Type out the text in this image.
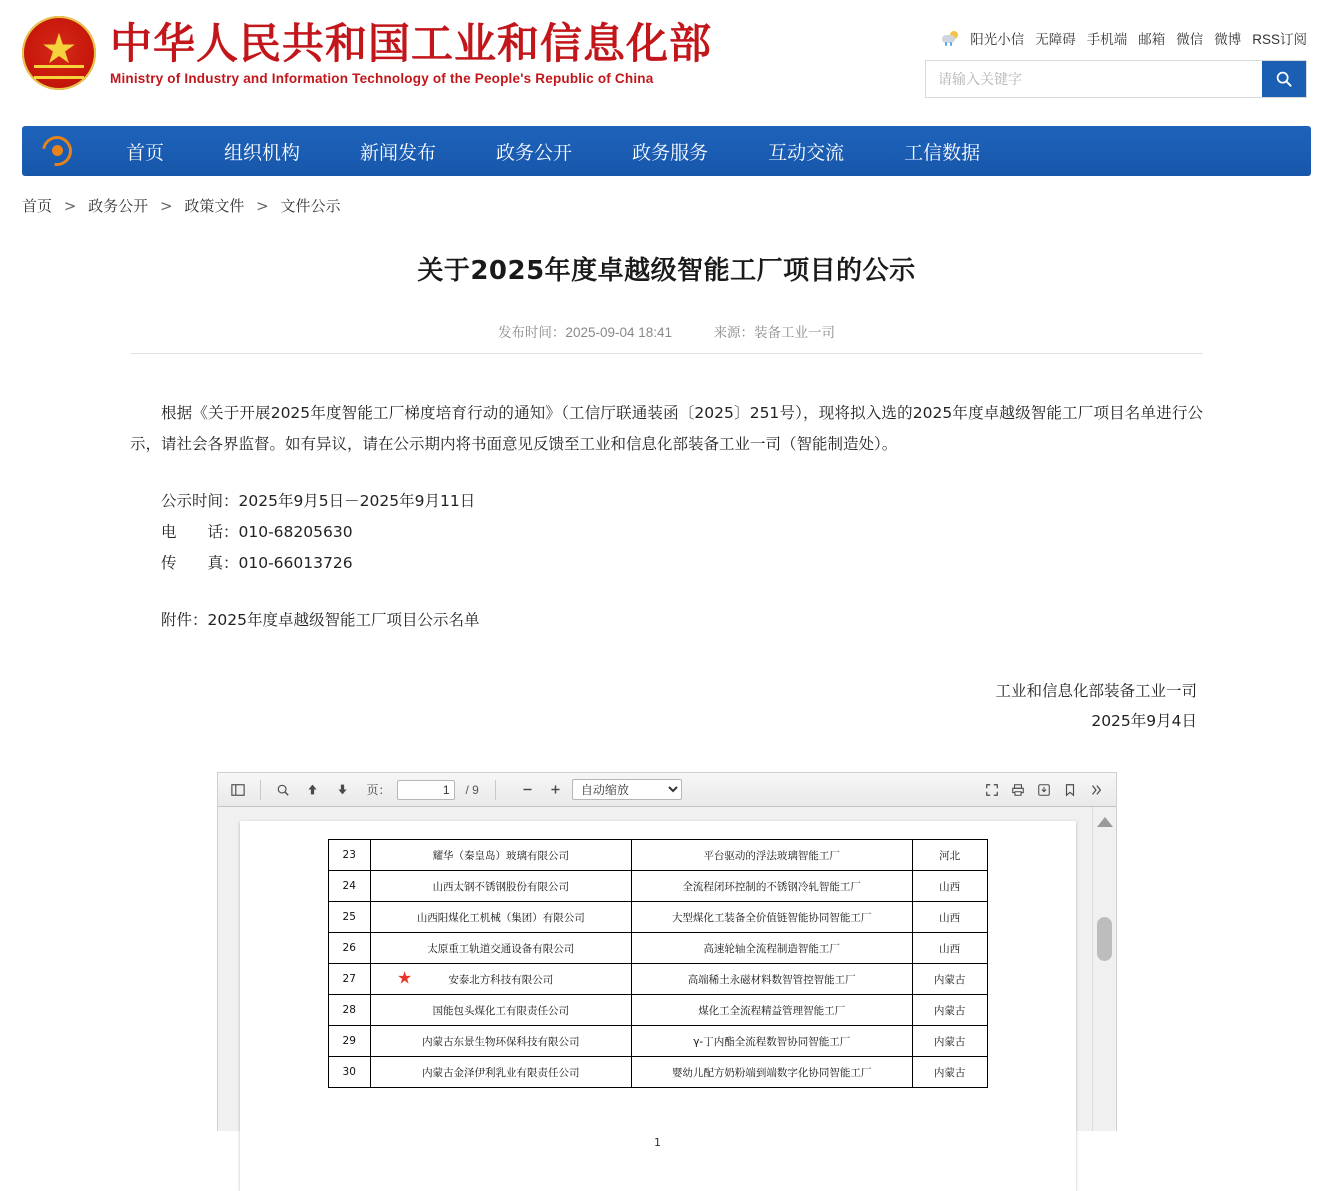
★
中华人民共和国工业和信息化部
Ministry of Industry and Information Technology of the People's Republic of China
阳光小信 无障碍 手机端 邮箱 微信 微博 RSS订阅
请输入关键字
首页	组织机构	新闻发布	政务公开	政务服务	互动交流	工信数据
首页 > 政务公开 > 政策文件 > 文件公示
关于2025年度卓越级智能工厂项目的公示
发布时间：2025-09-04 18:41	来源：装备工业一司
根据《关于开展2025年度智能工厂梯度培育行动的通知》（工信厅联通装函〔2025〕251号），现将拟入选的2025年度卓越级智能工厂项目名单进行公示，请社会各界监督。如有异议，请在公示期内将书面意见反馈至工业和信息化部装备工业一司（智能制造处）。
公示时间：2025年9月5日－2025年9月11日
电　　话：010-68205630
传　　真：010-66013726
附件：2025年度卓越级智能工厂项目公示名单
工业和信息化部装备工业一司
2025年9月4日
页：
1	/ 9
自动缩放
23	耀华（秦皇岛）玻璃有限公司	平台驱动的浮法玻璃智能工厂	河北
24	山西太钢不锈钢股份有限公司	全流程闭环控制的不锈钢冷轧智能工厂	山西
25	山西阳煤化工机械（集团）有限公司	大型煤化工装备全价值链智能协同智能工厂	山西
26	太原重工轨道交通设备有限公司	高速轮轴全流程制造智能工厂	山西
27	★ 安泰北方科技有限公司	高端稀土永磁材料数智管控智能工厂	内蒙古
28	国能包头煤化工有限责任公司	煤化工全流程精益管理智能工厂	内蒙古
29	内蒙古东景生物环保科技有限公司	γ-丁内酯全流程数智协同智能工厂	内蒙古
30	内蒙古金泽伊利乳业有限责任公司	婴幼儿配方奶粉端到端数字化协同智能工厂	内蒙古
1
